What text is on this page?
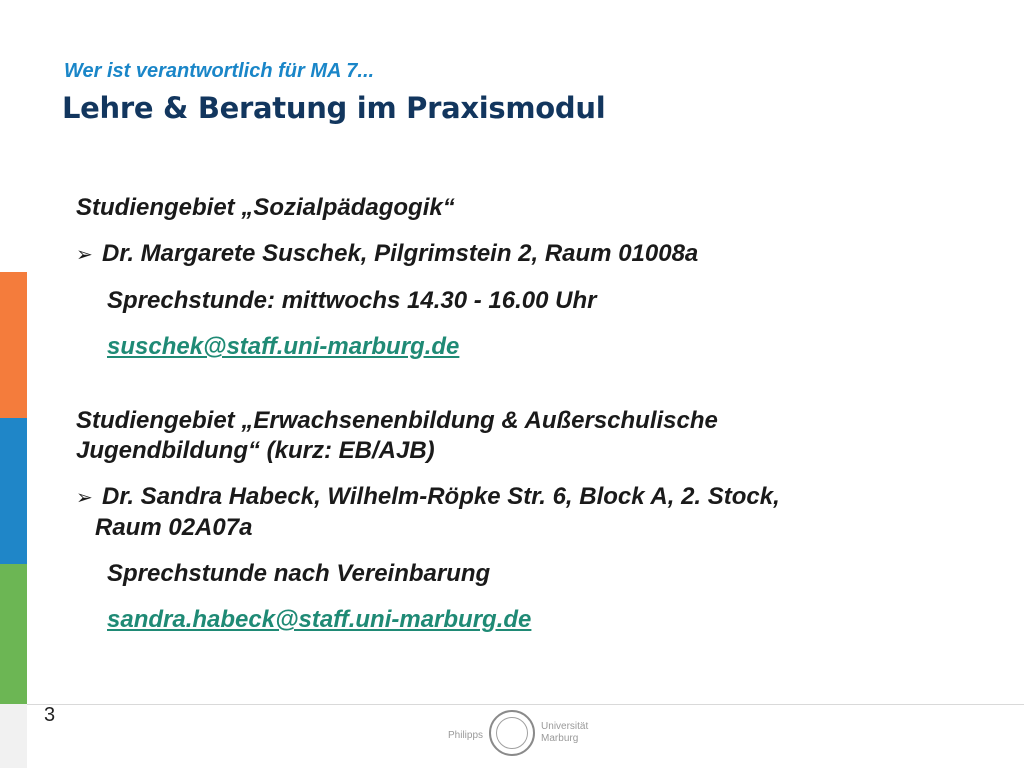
Wer ist verantwortlich für MA 7...

Lehre & Beratung im Praxismodul

Studiengebiet „Sozialpädagogik“

➢ Dr. Margarete Suschek, Pilgrimstein 2, Raum 01008a

Sprechstunde: mittwochs 14.30 - 16.00 Uhr

suschek@staff.uni-marburg.de

Studiengebiet „Erwachsenenbildung & Außerschulische

Jugendbildung“ (kurz: EB/AJB)

➢ Dr. Sandra Habeck, Wilhelm-Röpke Str. 6, Block A, 2. Stock,

Raum 02A07a

Sprechstunde nach Vereinbarung

sandra.habeck@staff.uni-marburg.de

3

Philipps
Universität
Marburg
